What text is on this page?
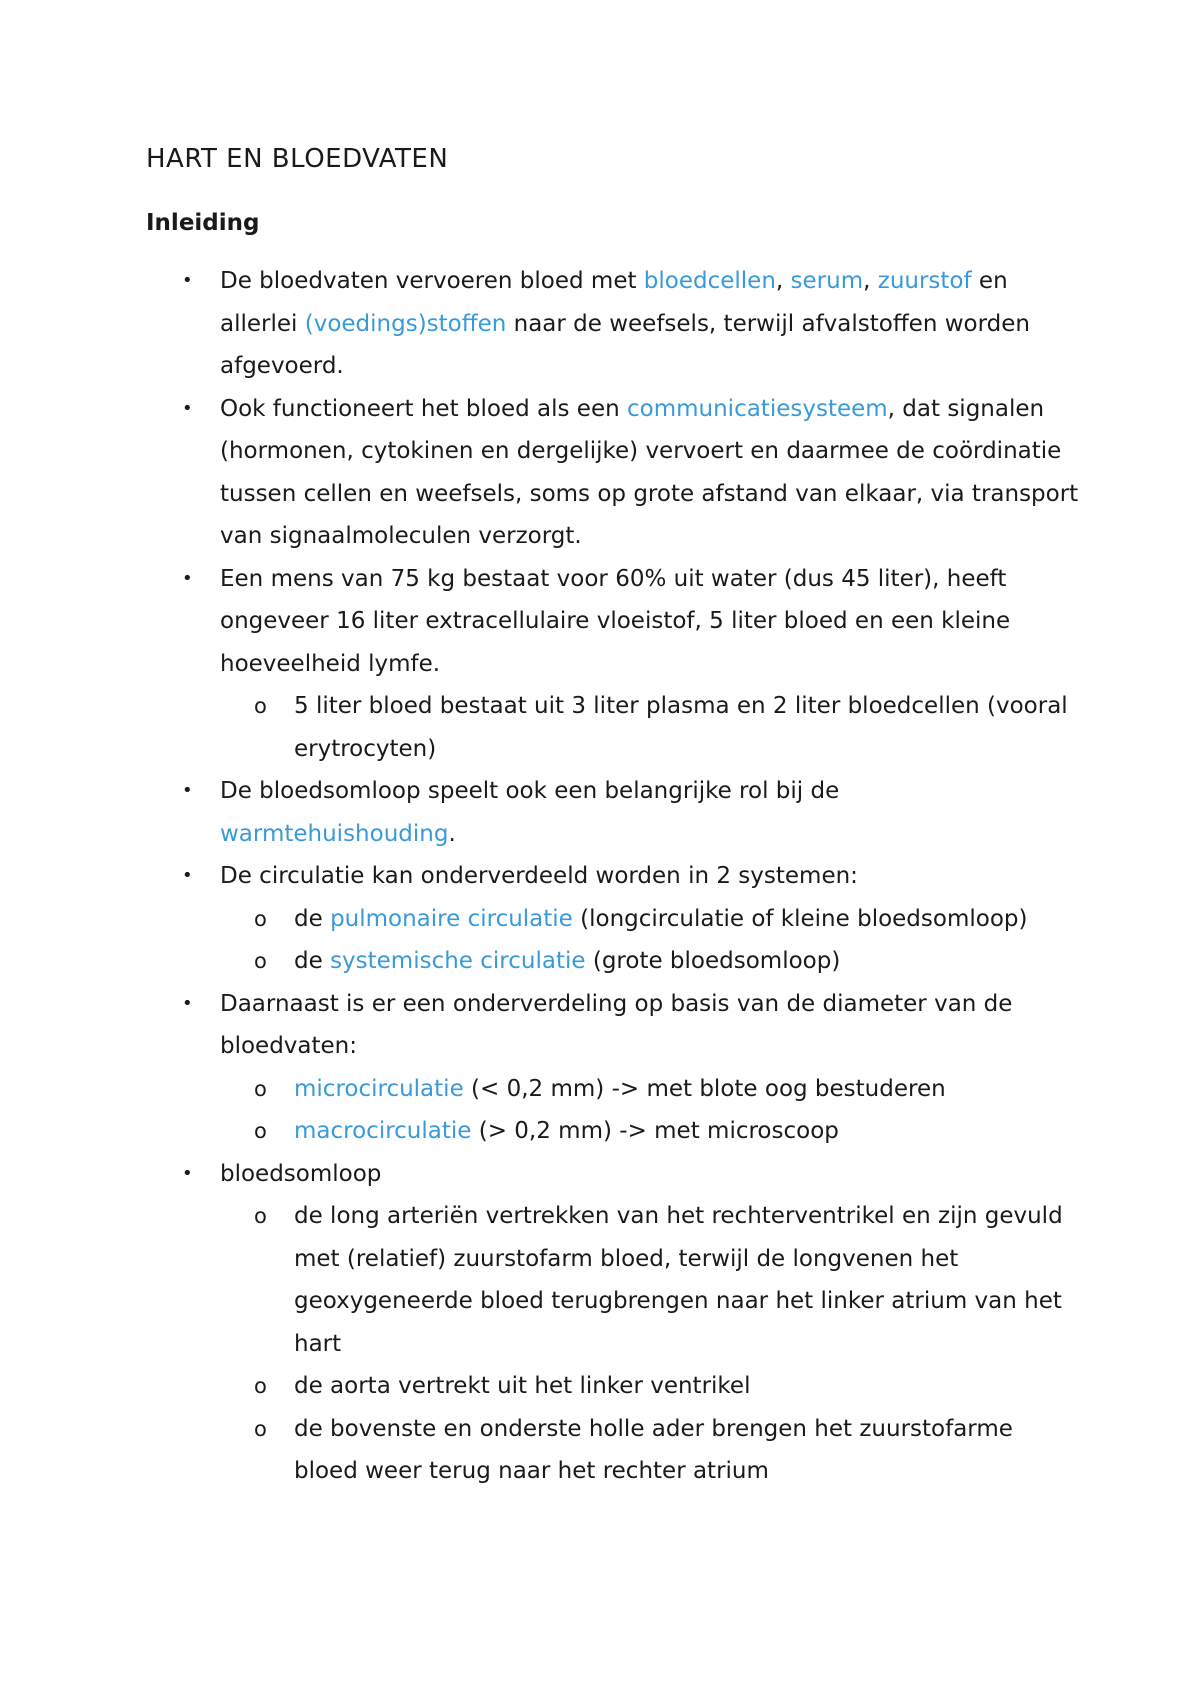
HART EN BLOEDVATEN
Inleiding
• De bloedvaten vervoeren bloed met bloedcellen, serum, zuurstof en allerlei (voedings)stoffen naar de weefsels, terwijl afvalstoffen worden afgevoerd.
• Ook functioneert het bloed als een communicatiesysteem, dat signalen (hormonen, cytokinen en dergelijke) vervoert en daarmee de coördinatie tussen cellen en weefsels, soms op grote afstand van elkaar, via transport van signaalmoleculen verzorgt.
• Een mens van 75 kg bestaat voor 60% uit water (dus 45 liter), heeft ongeveer 16 liter extracellulaire vloeistof, 5 liter bloed en een kleine hoeveelheid lymfe.
o 5 liter bloed bestaat uit 3 liter plasma en 2 liter bloedcellen (vooral erytrocyten)
• De bloedsomloop speelt ook een belangrijke rol bij de warmtehuishouding.
• De circulatie kan onderverdeeld worden in 2 systemen:
o de pulmonaire circulatie (longcirculatie of kleine bloedsomloop)
o de systemische circulatie (grote bloedsomloop)
• Daarnaast is er een onderverdeling op basis van de diameter van de bloedvaten:
o microcirculatie (< 0,2 mm) -> met blote oog bestuderen
o macrocirculatie (> 0,2 mm) -> met microscoop
• bloedsomloop
o de long arteriën vertrekken van het rechterventrikel en zijn gevuld met (relatief) zuurstofarm bloed, terwijl de longvenen het geoxygeneerde bloed terugbrengen naar het linker atrium van het hart
o de aorta vertrekt uit het linker ventrikel
o de bovenste en onderste holle ader brengen het zuurstofarme bloed weer terug naar het rechter atrium
